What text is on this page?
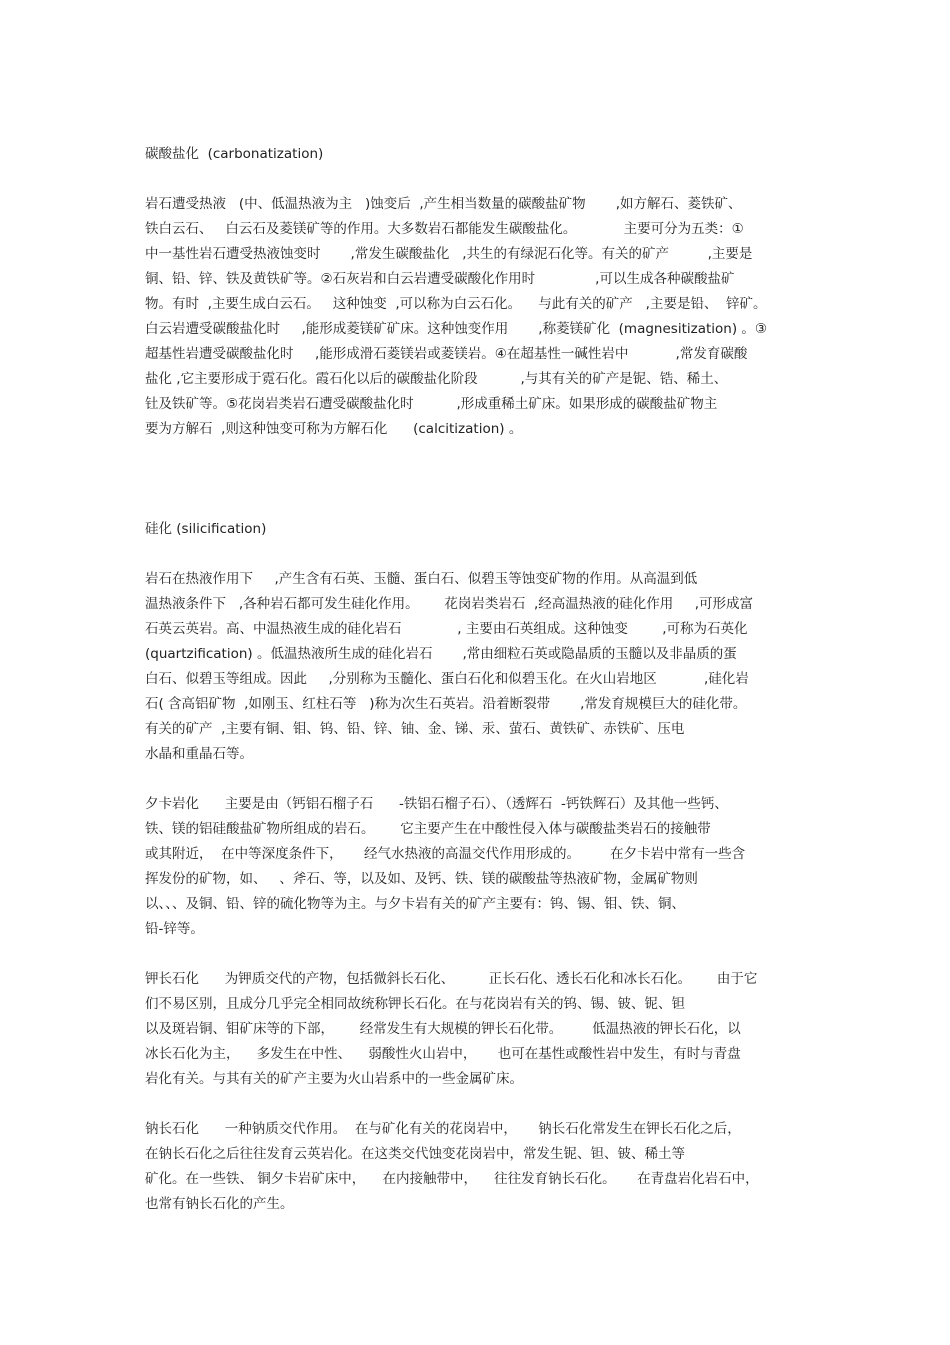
碳酸盐化  (carbonatization)
岩石遭受热液   (中、低温热液为主   )蚀变后  ,产生相当数量的碳酸盐矿物       ,如方解石、菱铁矿、
铁白云石、   白云石及菱镁矿等的作用。大多数岩石都能发生碳酸盐化。           主要可分为五类：①
中一基性岩石遭受热液蚀变时       ,常发生碳酸盐化   ,共生的有绿泥石化等。有关的矿产         ,主要是
铜、铅、锌、铁及黄铁矿等。②石灰岩和白云岩遭受碳酸化作用时              ,可以生成各种碳酸盐矿
物。有时  ,主要生成白云石。   这种蚀变  ,可以称为白云石化。    与此有关的矿产   ,主要是铅、  锌矿。
白云岩遭受碳酸盐化时     ,能形成菱镁矿矿床。这种蚀变作用       ,称菱镁矿化  (magnesitization) 。③
超基性岩遭受碳酸盐化时     ,能形成滑石菱镁岩或菱镁岩。④在超基性一碱性岩中           ,常发育碳酸
盐化 ,它主要形成于霓石化。霞石化以后的碳酸盐化阶段          ,与其有关的矿产是铌、锆、稀土、
钍及铁矿等。⑤花岗岩类岩石遭受碳酸盐化时          ,形成重稀土矿床。如果形成的碳酸盐矿物主
要为方解石  ,则这种蚀变可称为方解石化      (calcitization) 。
硅化 (silicification)
岩石在热液作用下     ,产生含有石英、玉髓、蛋白石、似碧玉等蚀变矿物的作用。从高温到低
温热液条件下   ,各种岩石都可发生硅化作用。      花岗岩类岩石  ,经高温热液的硅化作用     ,可形成富
石英云英岩。高、中温热液生成的硅化岩石             , 主要由石英组成。这种蚀变        ,可称为石英化
(quartzification) 。低温热液所生成的硅化岩石       ,常由细粒石英或隐晶质的玉髓以及非晶质的蛋
白石、似碧玉等组成。因此     ,分别称为玉髓化、蛋白石化和似碧玉化。在火山岩地区           ,硅化岩
石( 含高铝矿物  ,如刚玉、红柱石等   )称为次生石英岩。沿着断裂带       ,常发育规模巨大的硅化带。
有关的矿产  ,主要有铜、钼、钨、铅、锌、铀、金、锑、汞、萤石、黄铁矿、赤铁矿、压电
水晶和重晶石等。
夕卡岩化      主要是由（钙铝石榴子石      -铁铝石榴子石）、（透辉石  -钙铁辉石）及其他一些钙、
铁、镁的铝硅酸盐矿物所组成的岩石。      它主要产生在中酸性侵入体与碳酸盐类岩石的接触带
或其附近，  在中等深度条件下，     经气水热液的高温交代作用形成的。       在夕卡岩中常有一些含
挥发份的矿物，如、   、斧石、等，以及如、及钙、铁、镁的碳酸盐等热液矿物，金属矿物则
以、、、及铜、铅、锌的硫化物等为主。与夕卡岩有关的矿产主要有：钨、锡、钼、铁、铜、
铅-锌等。
钾长石化      为钾质交代的产物，包括微斜长石化、        正长石化、透长石化和冰长石化。      由于它
们不易区别，且成分几乎完全相同故统称钾长石化。在与花岗岩有关的钨、锡、铍、铌、钽
以及斑岩铜、钼矿床等的下部，      经常发生有大规模的钾长石化带。       低温热液的钾长石化，以
冰长石化为主，    多发生在中性、    弱酸性火山岩中，     也可在基性或酸性岩中发生，有时与青盘
岩化有关。与其有关的矿产主要为火山岩系中的一些金属矿床。
钠长石化      一种钠质交代作用。  在与矿化有关的花岗岩中，     钠长石化常发生在钾长石化之后，
在钠长石化之后往往发育云英岩化。在这类交代蚀变花岗岩中，常发生铌、钽、铍、稀土等
矿化。在一些铁、 铜夕卡岩矿床中，    在内接触带中，    往往发育钠长石化。     在青盘岩化岩石中，
也常有钠长石化的产生。
